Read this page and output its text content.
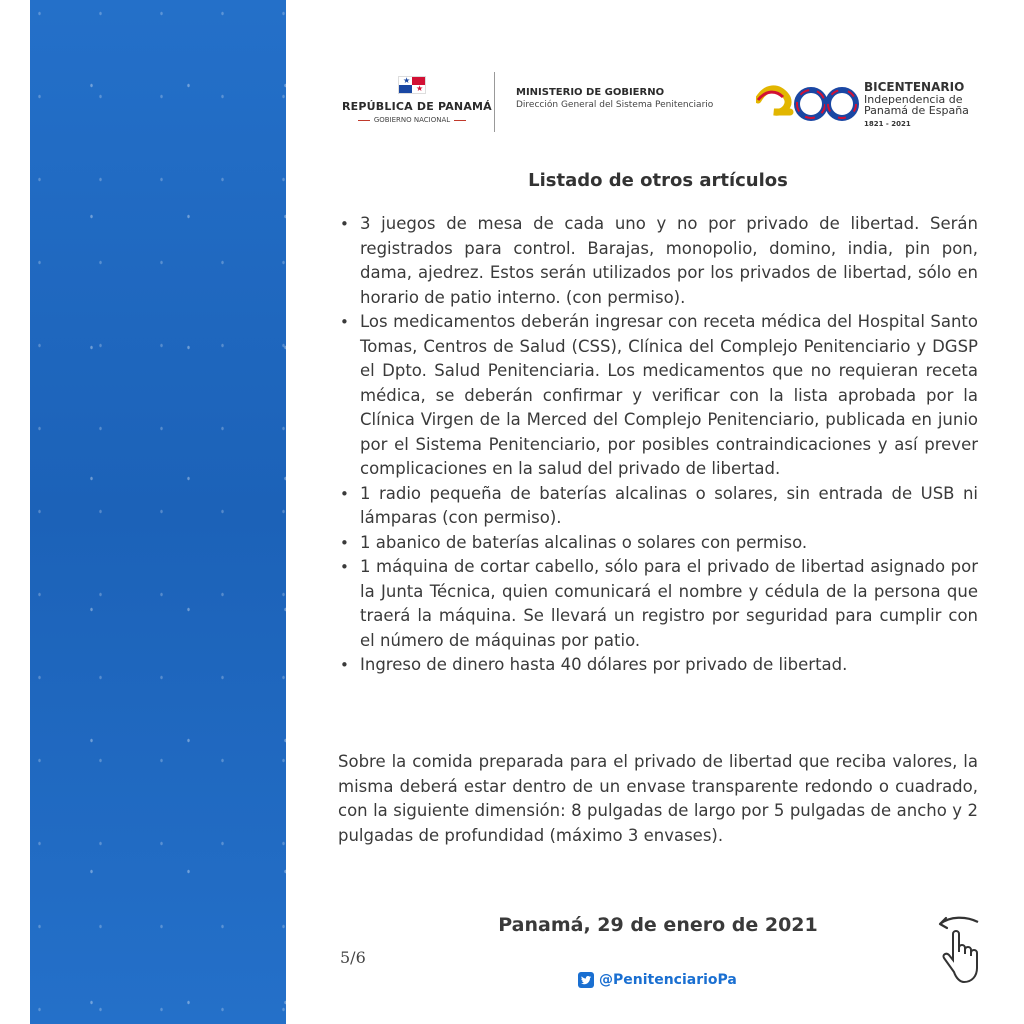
★
★
REPÚBLICA DE PANAMÁ
GOBIERNO NACIONAL
MINISTERIO DE GOBIERNO
Dirección General del Sistema Penitenciario
BICENTENARIO
Independencia de
Panamá de España
1821 - 2021
Listado de otros artículos
• 3 juegos de mesa de cada uno y no por privado de libertad. Serán registrados para control. Barajas, monopolio, domino, india, pin pon, dama, ajedrez. Estos serán utilizados por los privados de libertad, sólo en horario de patio interno. (con permiso).
• Los medicamentos deberán ingresar con receta médica del Hospital Santo Tomas, Centros de Salud (CSS), Clínica del Complejo Penitenciario y DGSP el Dpto. Salud Penitenciaria. Los medicamentos que no requieran receta médica, se deberán confirmar y verificar con la lista aprobada por la Clínica Virgen de la Merced del Complejo Penitenciario, publicada en junio por el Sistema Penitenciario, por posibles contraindicaciones y así prever complicaciones en la salud del privado de libertad.
• 1 radio pequeña de baterías alcalinas o solares, sin entrada de USB ni lámparas (con permiso).
• 1 abanico de baterías alcalinas o solares con permiso.
• 1 máquina de cortar cabello, sólo para el privado de libertad asignado por la Junta Técnica, quien comunicará el nombre y cédula de la persona que traerá la máquina. Se llevará un registro por seguridad para cumplir con el número de máquinas por patio.
• Ingreso de dinero hasta 40 dólares por privado de libertad.

Sobre la comida preparada para el privado de libertad que reciba valores, la misma deberá estar dentro de un envase transparente redondo o cuadrado, con la siguiente dimensión: 8 pulgadas de largo por 5 pulgadas de ancho y 2 pulgadas de profundidad (máximo 3 envases).

Panamá, 29 de enero de 2021
5/6
@PenitenciarioPa
